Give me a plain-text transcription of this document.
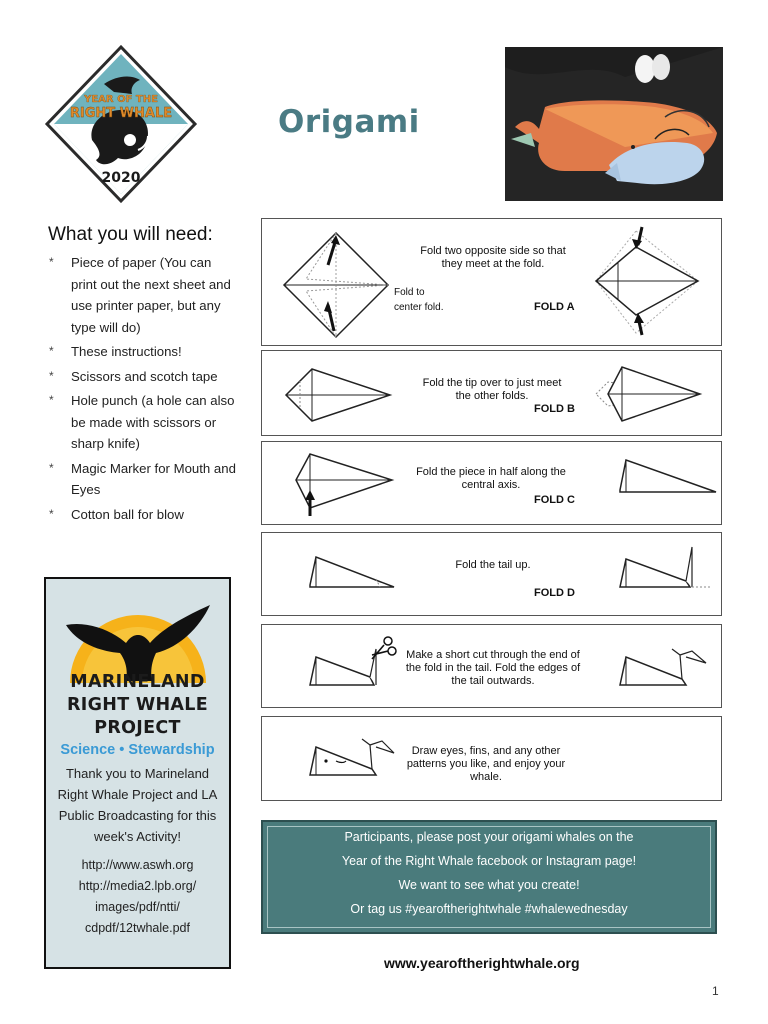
YEAR OF THE
RIGHT WHALE
2020
Origami
What you will need:
* Piece of paper (You can print out the next sheet and use printer paper, but any type will do)
* These instructions!
* Scissors and scotch tape
* Hole punch (a hole can also be made with scissors or sharp knife)
* Magic Marker for Mouth and Eyes
* Cotton ball for blow
MARINELAND
RIGHT WHALE
PROJECT
Science • Stewardship
Thank you to Marineland Right Whale Project and LA Public Broadcasting for this week's Activity!
http://www.aswh.org
http://media2.lpb.org/
images/pdf/ntti/
cdpdf/12twhale.pdf
Fold two opposite side so that they meet at the fold.
Fold to center fold.	FOLD A
Fold the tip over to just meet the other folds.
FOLD B
Fold the piece in half along the central axis.
FOLD C
Fold the tail up.
FOLD D
Make a short cut through the end of the fold in the tail. Fold the edges of the tail outwards.
Draw eyes, fins, and any other patterns you like, and enjoy your whale.
Participants, please post your origami whales on the
Year of the Right Whale facebook or Instagram page!
We want to see what you create!
Or tag us #yearoftherightwhale #whalewednesday
www.yearoftherightwhale.org
1
